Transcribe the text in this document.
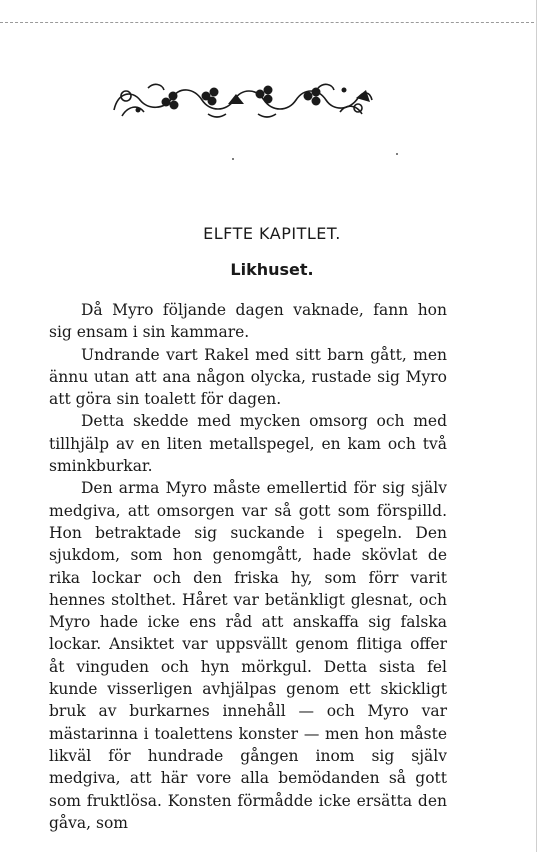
ELFTE KAPITLET.
Likhuset.

Då Myro följande dagen vaknade, fann hon sig ensam i sin kammare.

Undrande vart Rakel med sitt barn gått, men ännu utan att ana någon olycka, rustade sig Myro att göra sin toalett för dagen.

Detta skedde med mycken omsorg och med tillhjälp av en liten metallspegel, en kam och två sminkburkar.

Den arma Myro måste emellertid för sig själv medgiva, att omsorgen var så gott som förspilld. Hon betraktade sig suckande i spegeln. Den sjukdom, som hon genomgått, hade skövlat de rika lockar och den friska hy, som förr varit hennes stolthet. Håret var betänkligt glesnat, och Myro hade icke ens råd att anskaffa sig falska lockar. Ansiktet var uppsvällt genom flitiga offer åt vinguden och hyn mörkgul. Detta sista fel kunde visserligen avhjälpas genom ett skickligt bruk av burkarnes innehåll — och Myro var mästarinna i toalettens konster — men hon måste likväl för hundrade gången inom sig själv medgiva, att här vore alla bemödanden så gott som fruktlösa. Konsten förmådde icke ersätta den gåva, som
